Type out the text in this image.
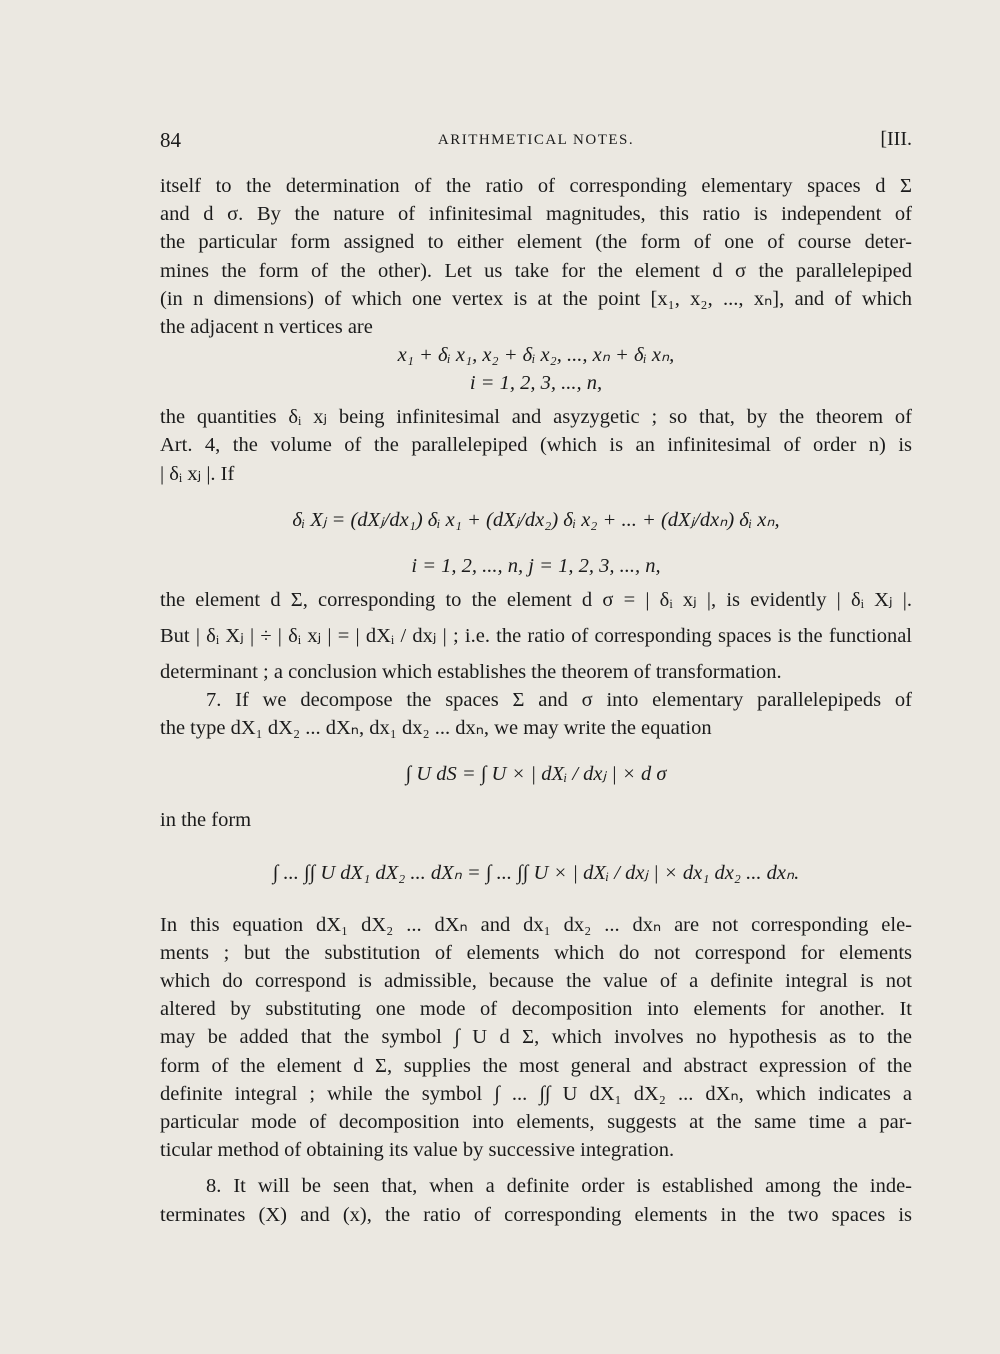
84	ARITHMETICAL NOTES.	[III.
itself to the determination of the ratio of corresponding elementary spaces d Σ
and d σ. By the nature of infinitesimal magnitudes, this ratio is independent of
the particular form assigned to either element (the form of one of course deter-
mines the form of the other). Let us take for the element d σ the parallelepiped
(in n dimensions) of which one vertex is at the point [x₁, x₂, ..., xₙ], and of which
the adjacent n vertices are
x₁ + δᵢ x₁, x₂ + δᵢ x₂, ..., xₙ + δᵢ xₙ,
i = 1, 2, 3, ..., n,
the quantities δᵢ xⱼ being infinitesimal and asyzygetic ; so that, by the theorem of
Art. 4, the volume of the parallelepiped (which is an infinitesimal of order n) is
| δᵢ xⱼ |. If
δᵢ Xⱼ = (dXⱼ/dx₁) δᵢ x₁ + (dXⱼ/dx₂) δᵢ x₂ + ... + (dXⱼ/dxₙ) δᵢ xₙ,
i = 1, 2, ..., n, j = 1, 2, 3, ..., n,
the element d Σ, corresponding to the element d σ = | δᵢ xⱼ |, is evidently | δᵢ Xⱼ |.
But | δᵢ Xⱼ | ÷ | δᵢ xⱼ | = | dXᵢ / dxⱼ | ; i.e. the ratio of corresponding spaces is the functional
determinant ; a conclusion which establishes the theorem of transformation.
7. If we decompose the spaces Σ and σ into elementary parallelepipeds of
the type dX₁ dX₂ ... dXₙ, dx₁ dx₂ ... dxₙ, we may write the equation
∫ U dS = ∫ U × | dXᵢ / dxⱼ | × d σ
in the form
∫ ... ∫∫ U dX₁ dX₂ ... dXₙ = ∫ ... ∫∫ U × | dXᵢ / dxⱼ | × dx₁ dx₂ ... dxₙ.
In this equation dX₁ dX₂ ... dXₙ and dx₁ dx₂ ... dxₙ are not corresponding ele-
ments ; but the substitution of elements which do not correspond for elements
which do correspond is admissible, because the value of a definite integral is not
altered by substituting one mode of decomposition into elements for another. It
may be added that the symbol ∫ U d Σ, which involves no hypothesis as to the
form of the element d Σ, supplies the most general and abstract expression of the
definite integral ; while the symbol ∫ ... ∫∫ U dX₁ dX₂ ... dXₙ, which indicates a
particular mode of decomposition into elements, suggests at the same time a par-
ticular method of obtaining its value by successive integration.
8. It will be seen that, when a definite order is established among the inde-
terminates (X) and (x), the ratio of corresponding elements in the two spaces is
